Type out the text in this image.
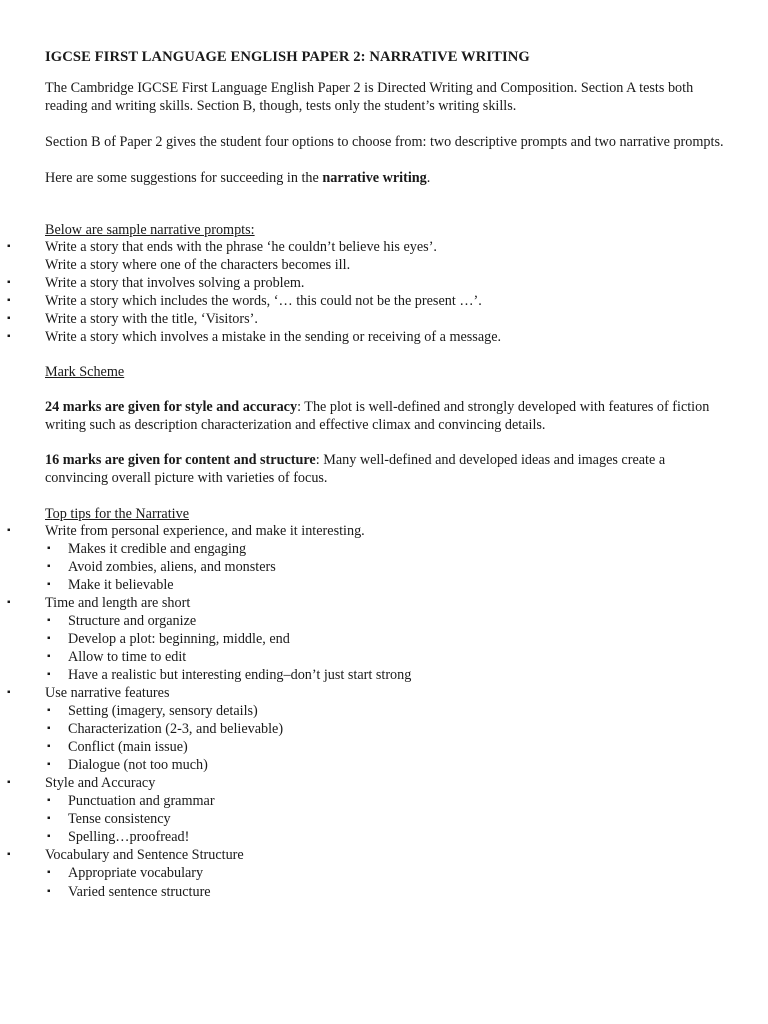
IGCSE FIRST LANGUAGE ENGLISH PAPER 2: NARRATIVE WRITING

The Cambridge IGCSE First Language English Paper 2 is Directed Writing and Composition. Section A tests both reading and writing skills. Section B, though, tests only the student’s writing skills.

Section B of Paper 2 gives the student four options to choose from: two descriptive prompts and two narrative prompts.

Here are some suggestions for succeeding in the narrative writing.

Below are sample narrative prompts:

▪ Write a story that ends with the phrase ‘he couldn’t believe his eyes’.
Write a story where one of the characters becomes ill.
▪ Write a story that involves solving a problem.
▪ Write a story which includes the words, ‘… this could not be the present …’.
▪ Write a story with the title, ‘Visitors’.
▪ Write a story which involves a mistake in the sending or receiving of a message.

Mark Scheme

24 marks are given for style and accuracy: The plot is well-defined and strongly developed with features of fiction writing such as description characterization and effective climax and convincing details.

16 marks are given for content and structure: Many well-defined and developed ideas and images create a convincing overall picture with varieties of focus.

Top tips for the Narrative

▪ Write from personal experience, and make it interesting.
▪ Makes it credible and engaging
▪ Avoid zombies, aliens, and monsters
▪ Make it believable
▪ Time and length are short
▪ Structure and organize
▪ Develop a plot: beginning, middle, end
▪ Allow to time to edit
▪ Have a realistic but interesting ending–don’t just start strong
▪ Use narrative features
▪ Setting (imagery, sensory details)
▪ Characterization (2-3, and believable)
▪ Conflict (main issue)
▪ Dialogue (not too much)
▪ Style and Accuracy
▪ Punctuation and grammar
▪ Tense consistency
▪ Spelling…proofread!
▪ Vocabulary and Sentence Structure
▪ Appropriate vocabulary
▪ Varied sentence structure
